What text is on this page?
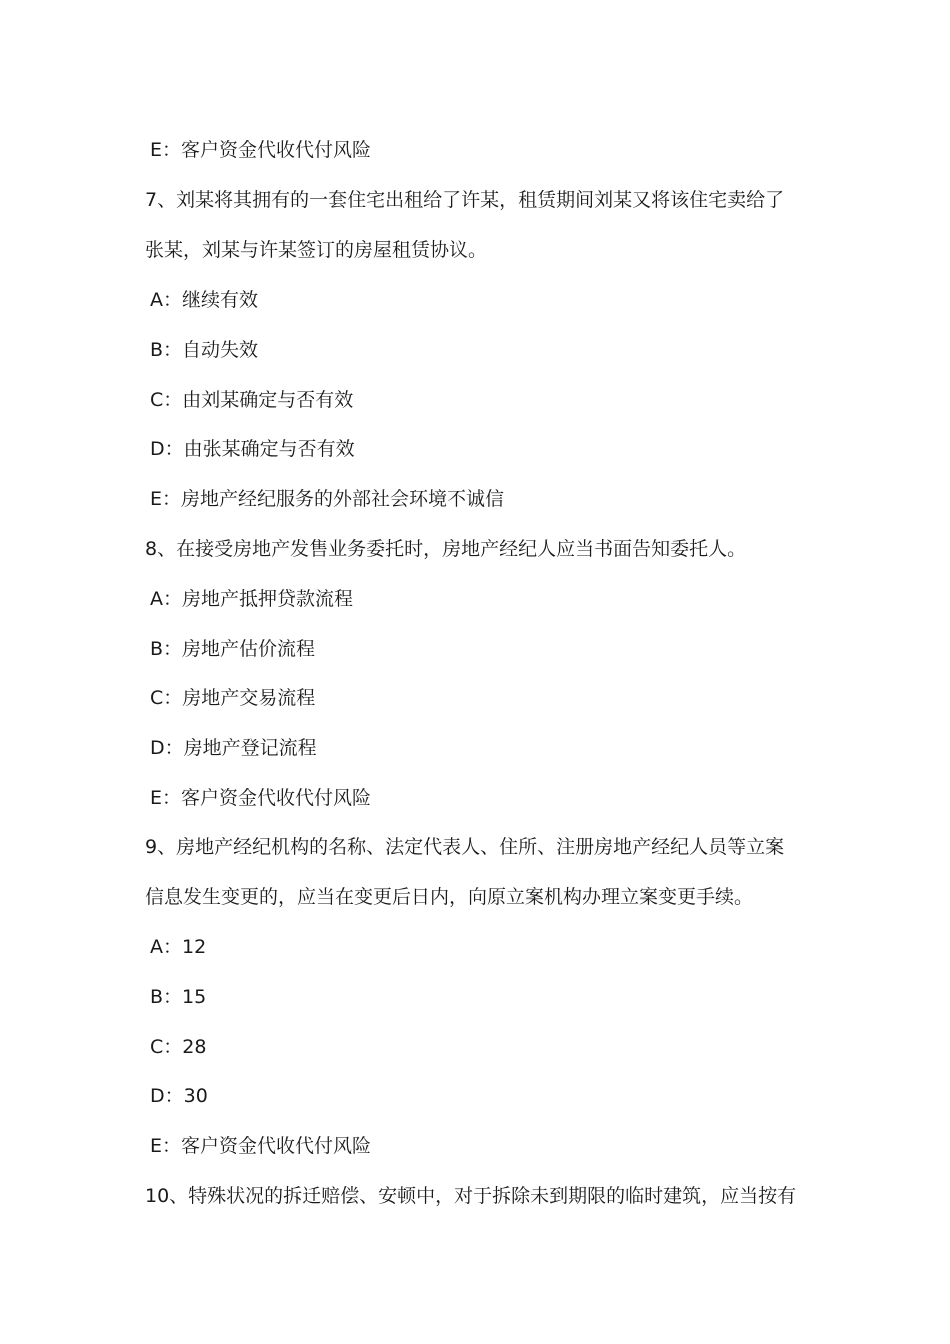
E：客户资金代收代付风险
7、刘某将其拥有的一套住宅出租给了许某，租赁期间刘某又将该住宅卖给了
张某，刘某与许某签订的房屋租赁协议。
A：继续有效
B：自动失效
C：由刘某确定与否有效
D：由张某确定与否有效
E：房地产经纪服务的外部社会环境不诚信
8、在接受房地产发售业务委托时，房地产经纪人应当书面告知委托人。
A：房地产抵押贷款流程
B：房地产估价流程
C：房地产交易流程
D：房地产登记流程
E：客户资金代收代付风险
9、房地产经纪机构的名称、法定代表人、住所、注册房地产经纪人员等立案
信息发生变更的，应当在变更后日内，向原立案机构办理立案变更手续。
A：12
B：15
C：28
D：30
E：客户资金代收代付风险
10、特殊状况的拆迁赔偿、安顿中，对于拆除未到期限的临时建筑，应当按有
